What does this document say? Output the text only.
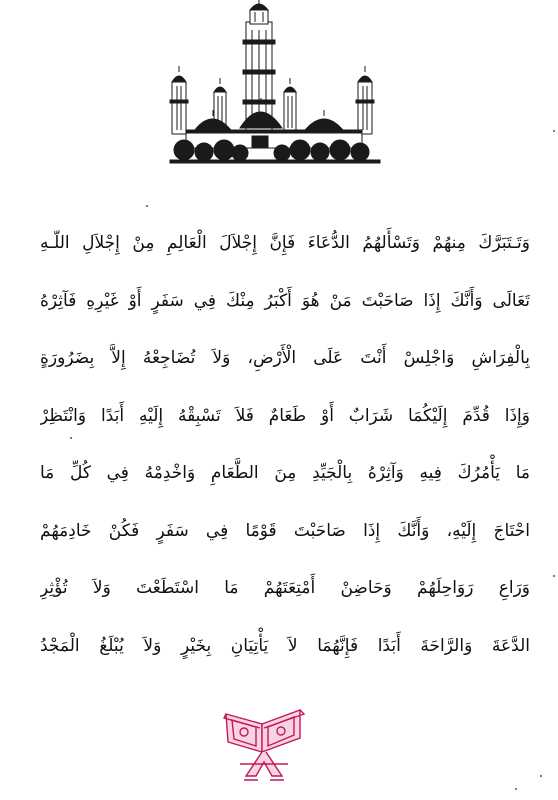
وَتَـتَبَرَّكَ مِنهُمْ وَتَسْأَلهُمُ الدُّعَاءَ فَإِنَّ إِجْلاَلَ الْعَالِمِ مِنْ إِجْلاَلِ اللّـهِ
تَعَالَى وَأَنَّكَ إِذَا صَاحَبْتَ مَنْ هُوَ أَكْبَرُ مِنْكَ فِي سَفَرٍ أَوْ غَيْرِهِ فَآثِرْهُ
بِالْفِرَاشِ وَاجْلِسْ أَنْتَ عَلَى الْأَرْضِ، وَلاَ تُضَاجِعْهُ إِلاَّ بِضَرُورَةٍ
وَإِذَا قُدِّمَ إِلَيْكُمَا شَرَابٌ أَوْ طَعَامٌ فَلاَ تَسْبِقْهُ إِلَيْهِ أَبَدًا وَانْتَظِرْ
مَا يَأْمُرُكَ فِيهِ وَآثِرْهُ بِالْجَيِّدِ مِنَ الطَّعَامِ وَاخْدِمْهُ فِي كُلِّ مَا
احْتَاجَ إِلَيْهِ، وَأَنَّكَ إِذَا صَاحَبْتَ قَوْمًا فِي سَفَرٍ فَكُنْ خَادِمَهُمْ
وَرَاعِ رَوَاحِلَهُمْ وَحَاضِنْ أَمْتِعَتَهُمْ مَا اسْتَطَعْتَ وَلاَ تُؤْثِرِ
الدَّعَةَ وَالرَّاحَةَ أَبَدًا فَإِنَّهُمَا لاَ يَأْتِيَانِ بِخَيْرٍ وَلاَ يُبْلَغُ الْمَجْدُ
